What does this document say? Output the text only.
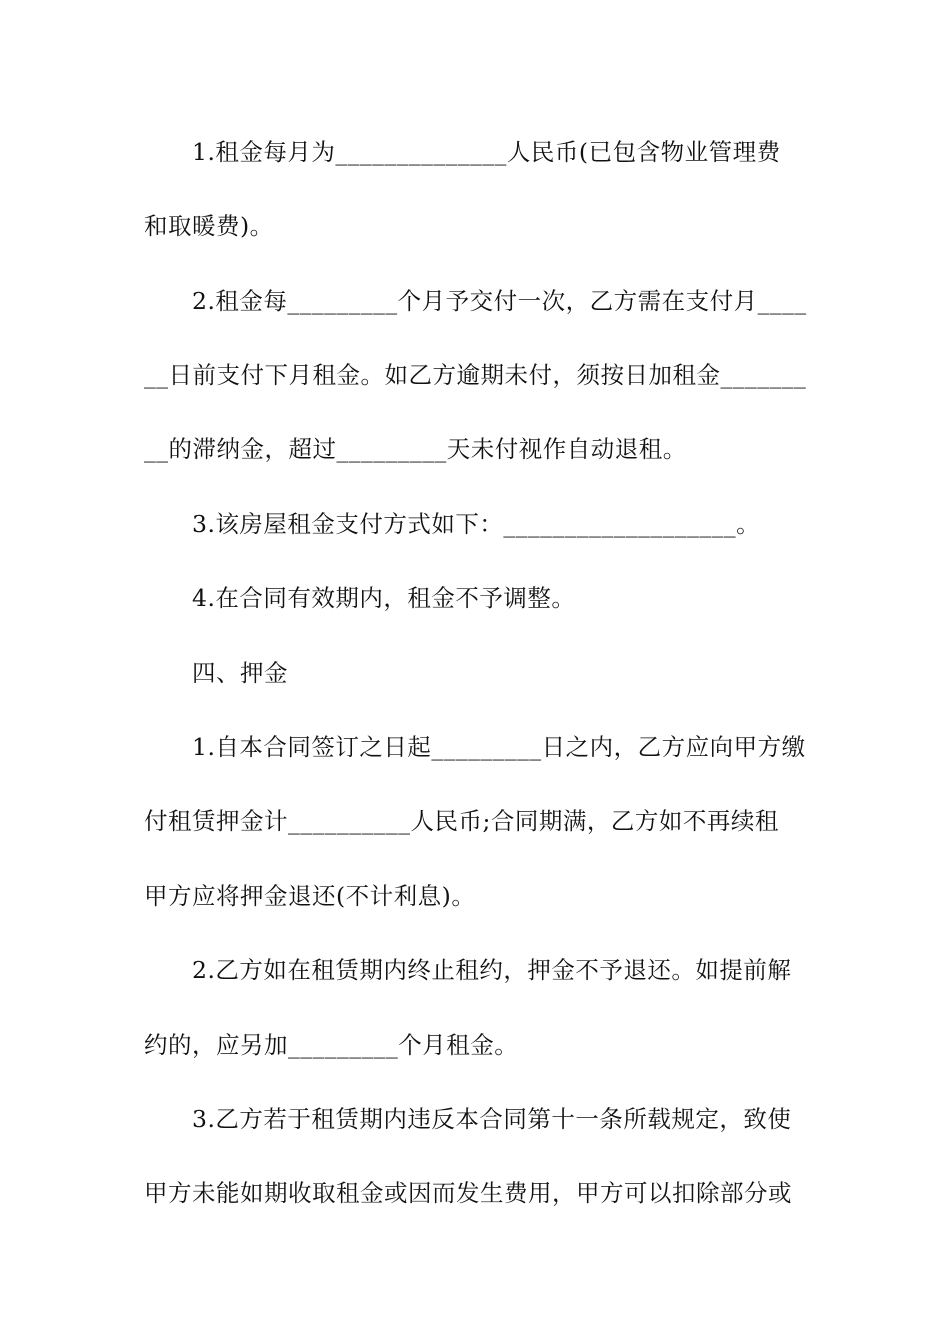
1.租金每月为______________人民币(已包含物业管理费
和取暖费)。
2.租金每_________个月予交付一次，乙方需在支付月____
__日前支付下月租金。如乙方逾期未付，须按日加租金_______
__的滞纳金，超过_________天未付视作自动退租。
3.该房屋租金支付方式如下：___________________。
4.在合同有效期内，租金不予调整。
四、押金
1.自本合同签订之日起_________日之内，乙方应向甲方缴
付租赁押金计__________人民币;合同期满，乙方如不再续租
甲方应将押金退还(不计利息)。
2.乙方如在租赁期内终止租约，押金不予退还。如提前解
约的，应另加_________个月租金。
3.乙方若于租赁期内违反本合同第十一条所载规定，致使
甲方未能如期收取租金或因而发生费用，甲方可以扣除部分或
